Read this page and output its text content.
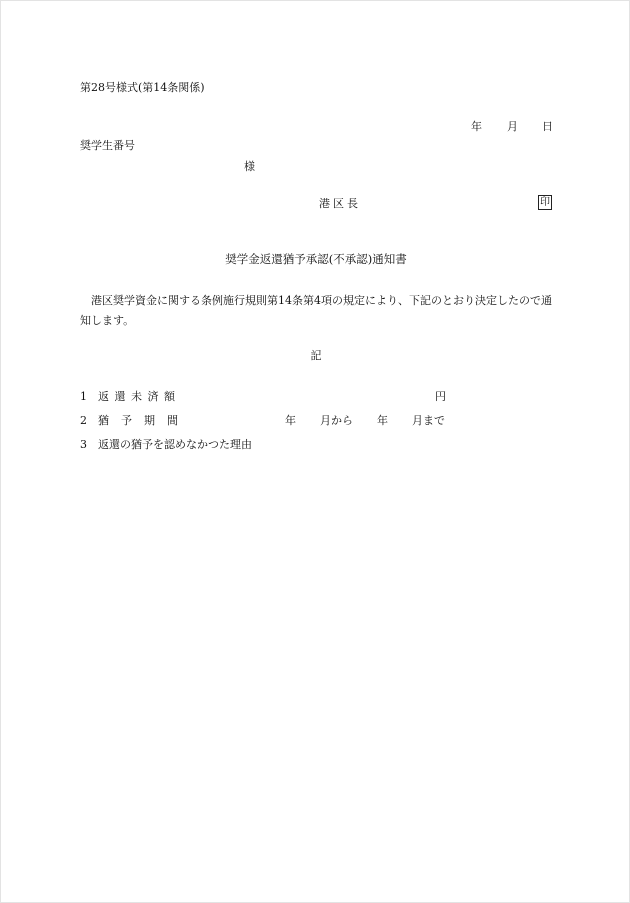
第28号様式(第14条関係)
年 月 日
奨学生番号
様
港区長	印
奨学金返還猶予承認(不承認)通知書
港区奨学資金に関する条例施行規則第14条第4項の規定により、下記のとおり決定したので通知します。
記
1 返還未済額	円
2 猶予期間	年 月から 年 月まで
3 返還の猶予を認めなかつた理由
